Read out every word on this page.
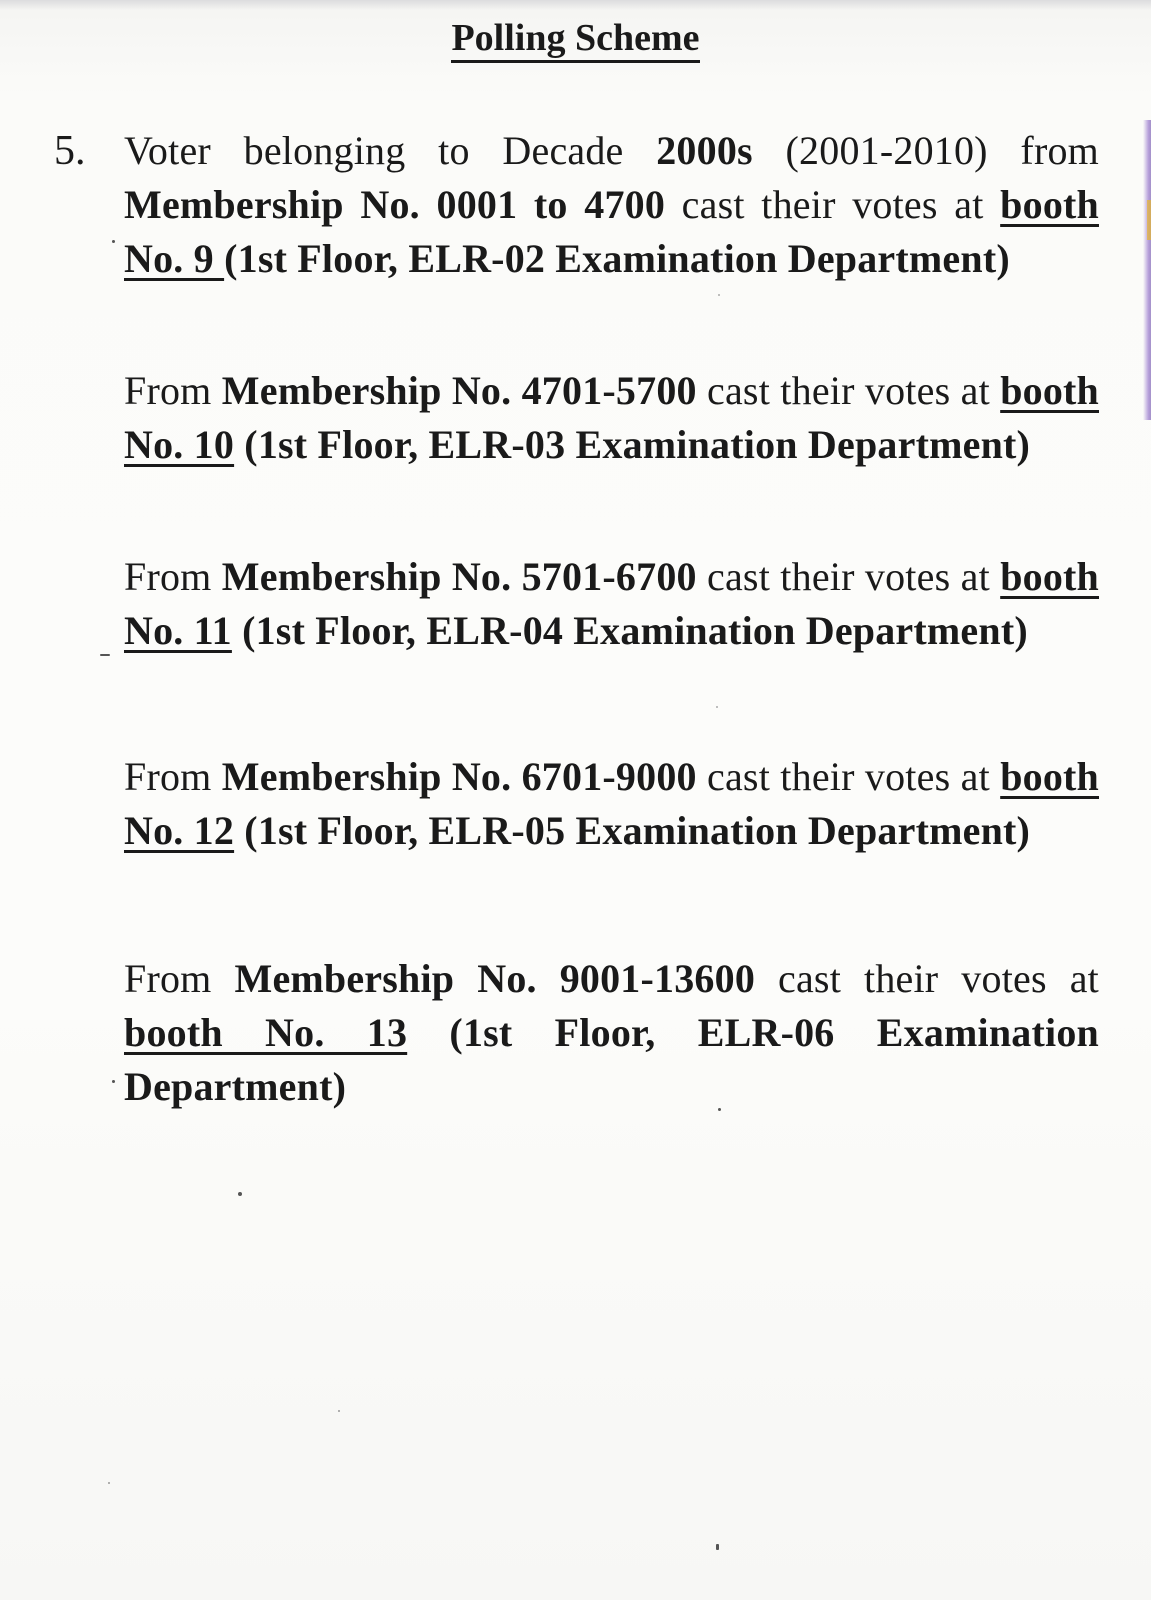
Polling Scheme
5. Voter belonging to Decade 2000s (2001-2010) from Membership No. 0001 to 4700 cast their votes at booth No. 9 (1st Floor, ELR-02 Examination Department)
From Membership No. 4701-5700 cast their votes at booth No. 10 (1st Floor, ELR-03 Examination Department)
From Membership No. 5701-6700 cast their votes at booth No. 11 (1st Floor, ELR-04 Examination Department)
From Membership No. 6701-9000 cast their votes at booth No. 12 (1st Floor, ELR-05 Examination Department)
From Membership No. 9001-13600 cast their votes at booth No. 13 (1st Floor, ELR-06 Examination Department)
